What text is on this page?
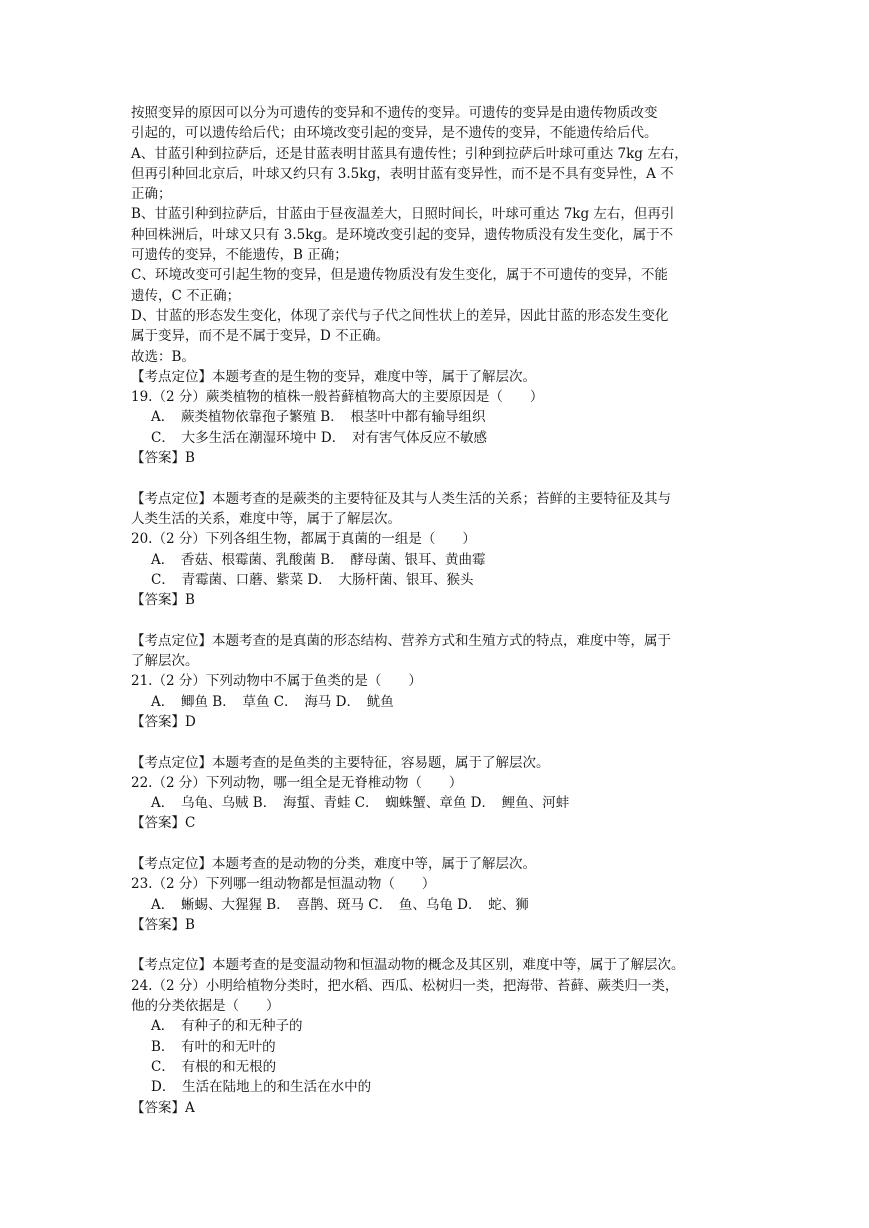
按照变异的原因可以分为可遗传的变异和不遗传的变异。可遗传的变异是由遗传物质改变
引起的，可以遗传给后代；由环境改变引起的变异，是不遗传的变异，不能遗传给后代。
A、甘蓝引种到拉萨后，还是甘蓝表明甘蓝具有遗传性；引种到拉萨后叶球可重达 7kg 左右，
但再引种回北京后，叶球又约只有 3.5kg，表明甘蓝有变异性，而不是不具有变异性，A 不
正确；
B、甘蓝引种到拉萨后，甘蓝由于昼夜温差大，日照时间长，叶球可重达 7kg 左右，但再引
种回株洲后，叶球又只有 3.5kg。是环境改变引起的变异，遗传物质没有发生变化，属于不
可遗传的变异，不能遗传，B 正确；
C、环境改变可引起生物的变异，但是遗传物质没有发生变化，属于不可遗传的变异，不能
遗传，C 不正确；
D、甘蓝的形态发生变化，体现了亲代与子代之间性状上的差异，因此甘蓝的形态发生变化
属于变异，而不是不属于变异，D 不正确。
故选：B。
【考点定位】本题考查的是生物的变异，难度中等，属于了解层次。
19.（2 分）蕨类植物的植株一般苔藓植物高大的主要原因是（　　）
A．　蕨类植物依靠孢子繁殖 B．　根茎叶中都有输导组织
C．　大多生活在潮湿环境中 D．　对有害气体反应不敏感
【答案】B
【考点定位】本题考查的是蕨类的主要特征及其与人类生活的关系；苔鲜的主要特征及其与
人类生活的关系，难度中等，属于了解层次。
20.（2 分）下列各组生物，都属于真菌的一组是（　　）
A．　香菇、根霉菌、乳酸菌 B．　酵母菌、银耳、黄曲霉
C．　青霉菌、口蘑、紫菜 D．　大肠杆菌、银耳、猴头
【答案】B
【考点定位】本题考查的是真菌的形态结构、营养方式和生殖方式的特点，难度中等，属于
了解层次。
21.（2 分）下列动物中不属于鱼类的是（　　）
A．　鲫鱼 B．　草鱼 C．　海马 D．　鱿鱼
【答案】D
【考点定位】本题考查的是鱼类的主要特征，容易题，属于了解层次。
22.（2 分）下列动物，哪一组全是无脊椎动物（　　）
A．　乌龟、乌贼 B．　海蜇、青蛙 C．　蜘蛛蟹、章鱼 D．　鲤鱼、河蚌
【答案】C
【考点定位】本题考查的是动物的分类，难度中等，属于了解层次。
23.（2 分）下列哪一组动物都是恒温动物（　　）
A．　蜥蜴、大猩猩 B．　喜鹊、斑马 C．　鱼、乌龟 D．　蛇、狮
【答案】B
【考点定位】本题考查的是变温动物和恒温动物的概念及其区别，难度中等，属于了解层次。
24.（2 分）小明给植物分类时，把水稻、西瓜、松树归一类，把海带、苔藓、蕨类归一类，
他的分类依据是（　　）
A．　有种子的和无种子的
B．　有叶的和无叶的
C．　有根的和无根的
D．　生活在陆地上的和生活在水中的
【答案】A
